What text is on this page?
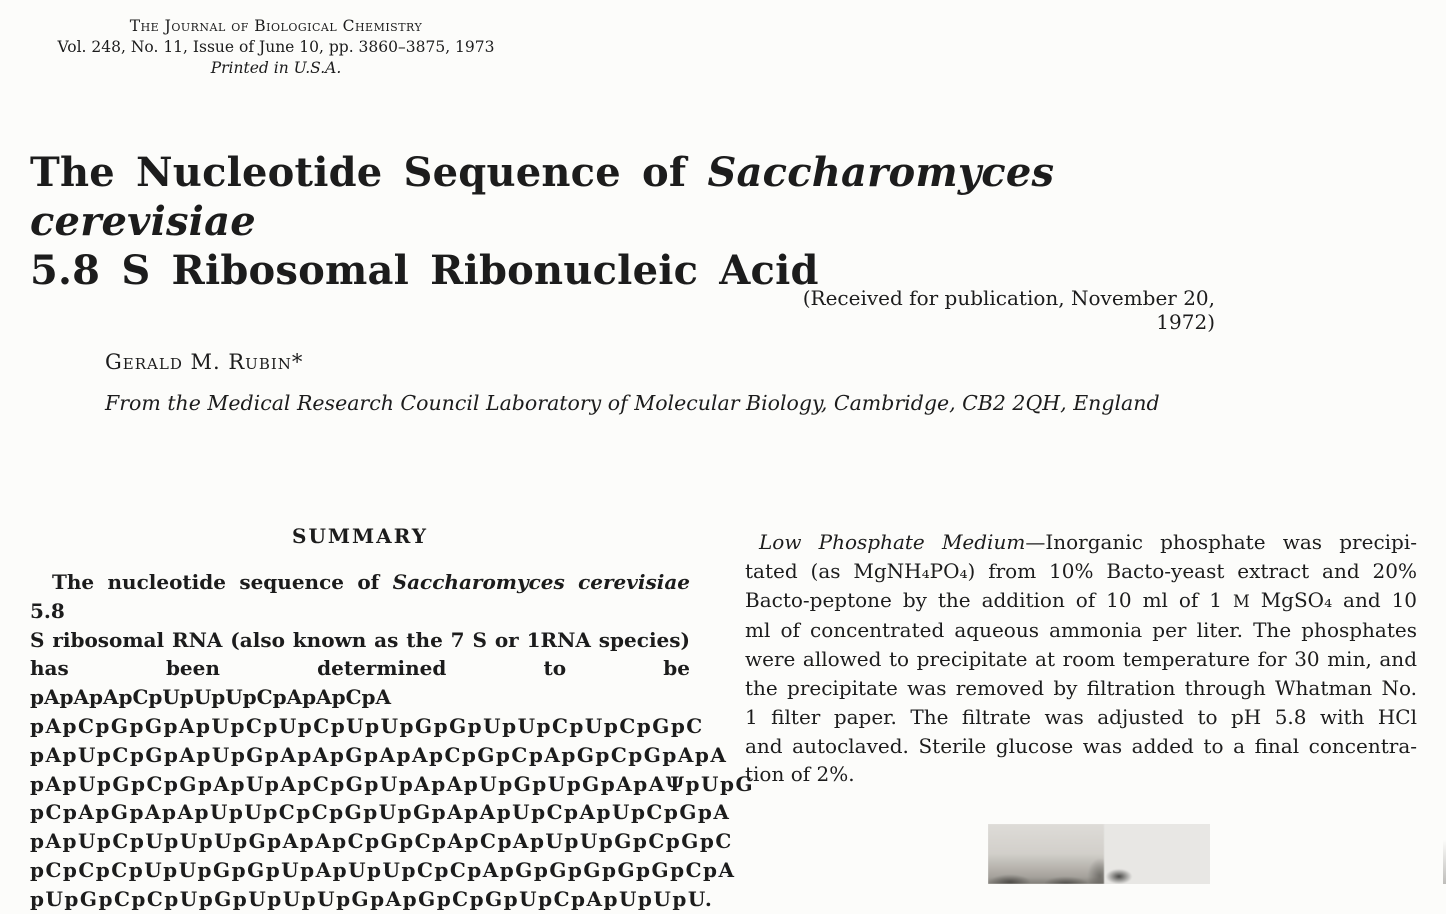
The Journal of Biological Chemistry
Vol. 248, No. 11, Issue of June 10, pp. 3860–3875, 1973
Printed in U.S.A.
The Nucleotide Sequence of Saccharomyces cerevisiae
5.8 S Ribosomal Ribonucleic Acid
(Received for publication, November 20, 1972)
Gerald M. Rubin*
From the Medical Research Council Laboratory of Molecular Biology, Cambridge, CB2 2QH, England
SUMMARY
The nucleotide sequence of Saccharomyces cerevisiae 5.8
S ribosomal RNA (also known as the 7 S or 1RNA species)
has been determined to be pApApApCpUpUpUpCpApApCpA
pApCpGpGpApUpCpUpCpUpUpGpGpUpUpCpUpCpGpC
pApUpCpGpApUpGpApApGpApApCpGpCpApGpCpGpApA
pApUpGpCpGpApUpApCpGpUpApApUpGpUpGpApAΨpUpG
pCpApGpApApUpUpCpCpGpUpGpApApUpCpApUpCpGpA
pApUpCpUpUpUpGpApApCpGpCpApCpApUpUpGpCpGpC
pCpCpCpUpUpGpGpUpApUpUpCpCpApGpGpGpGpGpCpA
pUpGpCpCpUpGpUpUpUpGpApGpCpGpUpCpApUpUpU.
Low Phosphate Medium—Inorganic phosphate was precipi-
tated (as MgNH₄PO₄) from 10% Bacto-yeast extract and 20%
Bacto-peptone by the addition of 10 ml of 1 M MgSO₄ and 10
ml of concentrated aqueous ammonia per liter. The phosphates
were allowed to precipitate at room temperature for 30 min, and
the precipitate was removed by filtration through Whatman No.
1 filter paper. The filtrate was adjusted to pH 5.8 with HCl
and autoclaved. Sterile glucose was added to a final concentra-
tion of 2%.
